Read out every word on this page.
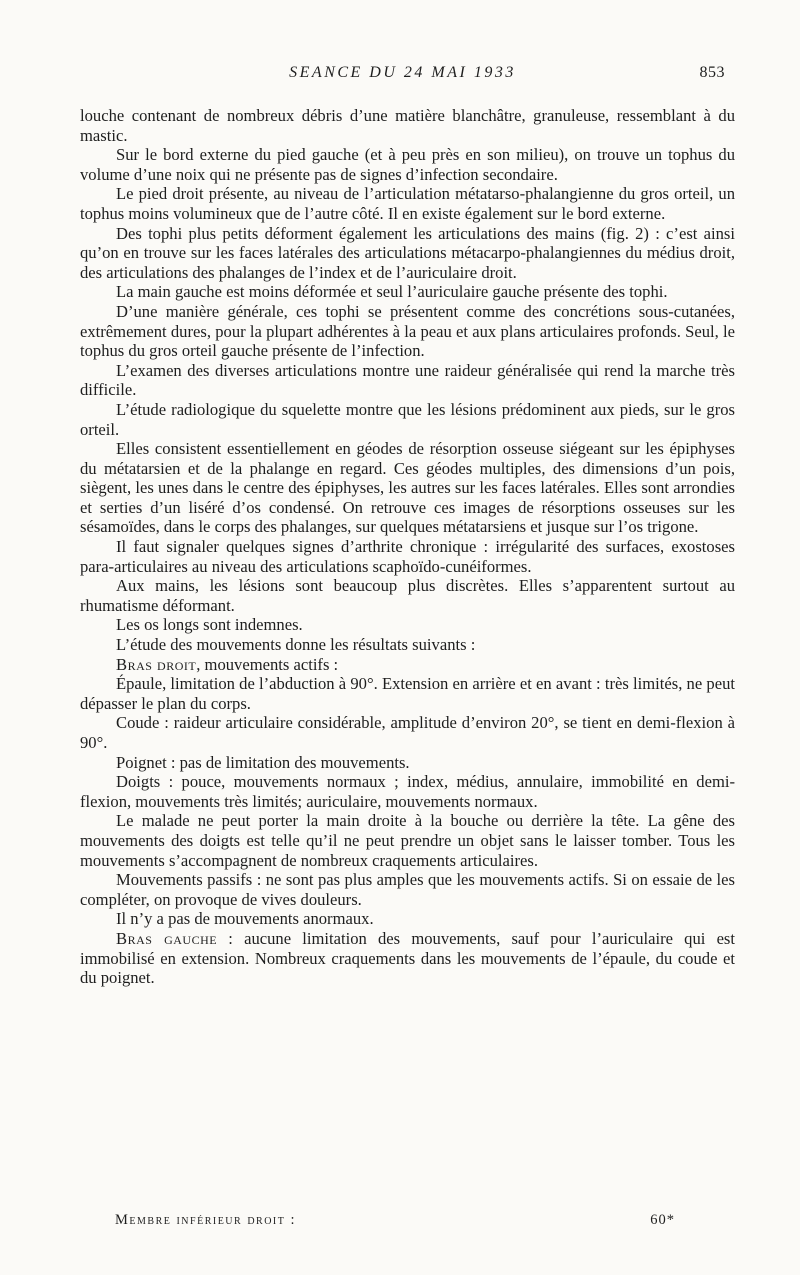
SEANCE DU 24 MAI 1933	853

louche contenant de nombreux débris d’une matière blanchâtre, granuleuse, ressemblant à du mastic.

Sur le bord externe du pied gauche (et à peu près en son milieu), on trouve un tophus du volume d’une noix qui ne présente pas de signes d’infection secondaire.

Le pied droit présente, au niveau de l’articulation métatarso-phalangienne du gros orteil, un tophus moins volumineux que de l’autre côté. Il en existe également sur le bord externe.

Des tophi plus petits déforment également les articulations des mains (fig. 2) : c’est ainsi qu’on en trouve sur les faces latérales des articulations métacarpo-phalangiennes du médius droit, des articulations des phalanges de l’index et de l’auriculaire droit.

La main gauche est moins déformée et seul l’auriculaire gauche présente des tophi.

D’une manière générale, ces tophi se présentent comme des concrétions sous-cutanées, extrêmement dures, pour la plupart adhérentes à la peau et aux plans articulaires profonds. Seul, le tophus du gros orteil gauche présente de l’infection.

L’examen des diverses articulations montre une raideur généralisée qui rend la marche très difficile.

L’étude radiologique du squelette montre que les lésions prédominent aux pieds, sur le gros orteil.

Elles consistent essentiellement en géodes de résorption osseuse siégeant sur les épiphyses du métatarsien et de la phalange en regard. Ces géodes multiples, des dimensions d’un pois, siègent, les unes dans le centre des épiphyses, les autres sur les faces latérales. Elles sont arrondies et serties d’un liséré d’os condensé. On retrouve ces images de résorptions osseuses sur les sésamoïdes, dans le corps des phalanges, sur quelques métatarsiens et jusque sur l’os trigone.

Il faut signaler quelques signes d’arthrite chronique : irrégularité des surfaces, exostoses para-articulaires au niveau des articulations scaphoïdo-cunéiformes.

Aux mains, les lésions sont beaucoup plus discrètes. Elles s’apparentent surtout au rhumatisme déformant.

Les os longs sont indemnes.

L’étude des mouvements donne les résultats suivants :

Bras droit, mouvements actifs :

Épaule, limitation de l’abduction à 90°. Extension en arrière et en avant : très limités, ne peut dépasser le plan du corps.

Coude : raideur articulaire considérable, amplitude d’environ 20°, se tient en demi-flexion à 90°.

Poignet : pas de limitation des mouvements.

Doigts : pouce, mouvements normaux ; index, médius, annulaire, immobilité en demi-flexion, mouvements très limités; auriculaire, mouvements normaux.

Le malade ne peut porter la main droite à la bouche ou derrière la tête. La gêne des mouvements des doigts est telle qu’il ne peut prendre un objet sans le laisser tomber. Tous les mouvements s’accompagnent de nombreux craquements articulaires.

Mouvements passifs : ne sont pas plus amples que les mouvements actifs. Si on essaie de les compléter, on provoque de vives douleurs.

Il n’y a pas de mouvements anormaux.

Bras gauche : aucune limitation des mouvements, sauf pour l’auriculaire qui est immobilisé en extension. Nombreux craquements dans les mouvements de l’épaule, du coude et du poignet.

Membre inférieur droit :	60*
